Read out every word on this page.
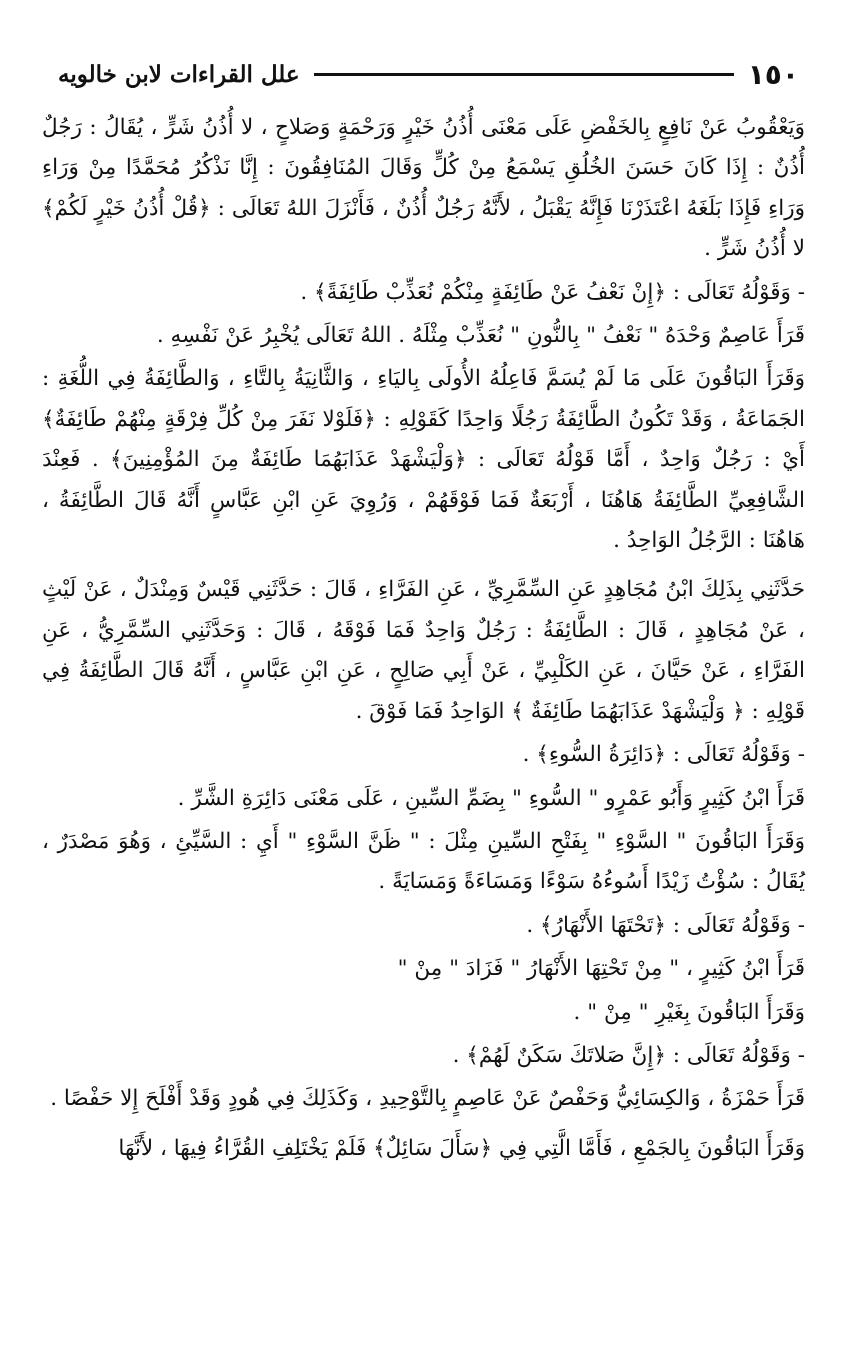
١٥٠
علل القراءات لابن خالويه

وَيَعْقُوبُ عَنْ نَافِعٍ بِالخَفْضِ عَلَى مَعْنَى أُذُنُ خَيْرٍ وَرَحْمَةٍ وَصَلاحٍ ، لا أُذُنُ شَرٍّ ، يُقَالُ : رَجُلٌ أُذُنٌ : إِذَا كَانَ حَسَنَ الخُلُقِ يَسْمَعُ مِنْ كُلٍّ وَقَالَ المُنَافِقُونَ : إِنَّا نَذْكُرُ مُحَمَّدًا مِنْ وَرَاءِ وَرَاءِ فَإِذَا بَلَغَهُ اعْتَذَرْنَا فَإِنَّهُ يَقْبَلُ ، لأَنَّهُ رَجُلٌ أُذُنٌ ، فَأَنْزَلَ اللهُ تَعَالَى : ﴿قُلْ أُذُنُ خَيْرٍ لَكُمْ﴾ لا أُذُنُ شَرٍّ .

- وَقَوْلُهُ تَعَالَى : ﴿إِنْ نَعْفُ عَنْ طَائِفَةٍ مِنْكُمْ نُعَذِّبْ طَائِفَةً﴾ .

قَرَأَ عَاصِمٌ وَحْدَهُ " نَعْفُ " بِالنُّونِ " نُعَذِّبْ مِثْلَهُ . اللهُ تَعَالَى يُخْبِرُ عَنْ نَفْسِهِ .

وَقَرَأَ البَاقُونَ عَلَى مَا لَمْ يُسَمَّ فَاعِلُهُ الأُولَى بِاليَاءِ ، وَالثَّانِيَةُ بِالتَّاءِ ، وَالطَّائِفَةُ فِي اللُّغَةِ : الجَمَاعَةُ ، وَقَدْ تَكُونُ الطَّائِفَةُ رَجُلًا وَاحِدًا كَقَوْلِهِ : ﴿فَلَوْلا نَفَرَ مِنْ كُلِّ فِرْقَةٍ مِنْهُمْ طَائِفَةٌ﴾ أَيْ : رَجُلٌ وَاحِدٌ ، أَمَّا قَوْلُهُ تَعَالَى : ﴿وَلْيَشْهَدْ عَذَابَهُمَا طَائِفَةٌ مِنَ المُؤْمِنِينَ﴾ . فَعِنْدَ الشَّافِعِيِّ الطَّائِفَةُ هَاهُنَا ، أَرْبَعَةٌ فَمَا فَوْقَهُمْ ، وَرُوِيَ عَنِ ابْنِ عَبَّاسٍ أَنَّهُ قَالَ الطَّائِفَةُ ، هَاهُنَا : الرَّجُلُ الوَاحِدُ .

حَدَّثَنِي بِذَلِكَ ابْنُ مُجَاهِدٍ عَنِ السِّمَّرِيِّ ، عَنِ الفَرَّاءِ ، قَالَ : حَدَّثَنِي قَيْسٌ وَمِنْدَلٌ ، عَنْ لَيْثٍ ، عَنْ مُجَاهِدٍ ، قَالَ : الطَّائِفَةُ : رَجُلٌ وَاحِدٌ فَمَا فَوْقَهُ ، قَالَ : وَحَدَّثَنِي السِّمَّرِيُّ ، عَنِ الفَرَّاءِ ، عَنْ حَيَّانَ ، عَنِ الكَلْبِيِّ ، عَنْ أَبِي صَالِحٍ ، عَنِ ابْنِ عَبَّاسٍ ، أَنَّهُ قَالَ الطَّائِفَةُ فِي قَوْلِهِ : ﴿ وَلْيَشْهَدْ عَذَابَهُمَا طَائِفَةٌ ﴾ الوَاحِدُ فَمَا فَوْقَ .

- وَقَوْلُهُ تَعَالَى : ﴿دَائِرَةُ السُّوءِ﴾ .

قَرَأَ ابْنُ كَثِيرٍ وَأَبُو عَمْرٍو " السُّوءِ " بِضَمِّ السِّينِ ، عَلَى مَعْنَى دَائِرَةِ الشَّرِّ .

وَقَرَأَ البَاقُونَ " السَّوْءِ " بِفَتْحِ السِّينِ مِثْلَ : " ظَنَّ السَّوْءِ " أَيِ : السَّيِّئِ ، وَهُوَ مَصْدَرٌ ، يُقَالُ : سُؤْتُ زَيْدًا أَسُوءُهُ سَوْءًا وَمَسَاءَةً وَمَسَايَةً .

- وَقَوْلُهُ تَعَالَى : ﴿تَحْتَهَا الأَنْهَارُ﴾ .

قَرَأَ ابْنُ كَثِيرٍ ، " مِنْ تَحْتِهَا الأَنْهَارُ " فَزَادَ " مِنْ "

وَقَرَأَ البَاقُونَ بِغَيْرِ " مِنْ " .

- وَقَوْلُهُ تَعَالَى : ﴿إِنَّ صَلاتَكَ سَكَنٌ لَهُمْ﴾ .

قَرَأَ حَمْزَةُ ، وَالكِسَائِيُّ وَحَفْصٌ عَنْ عَاصِمٍ بِالتَّوْحِيدِ ، وَكَذَلِكَ فِي هُودٍ وَقَدْ أَفْلَحَ إِلا حَفْصًا .

وَقَرَأَ البَاقُونَ بِالجَمْعِ ، فَأَمَّا الَّتِي فِي ﴿سَأَلَ سَائِلٌ﴾ فَلَمْ يَخْتَلِفِ القُرَّاءُ فِيهَا ، لأَنَّهَا
